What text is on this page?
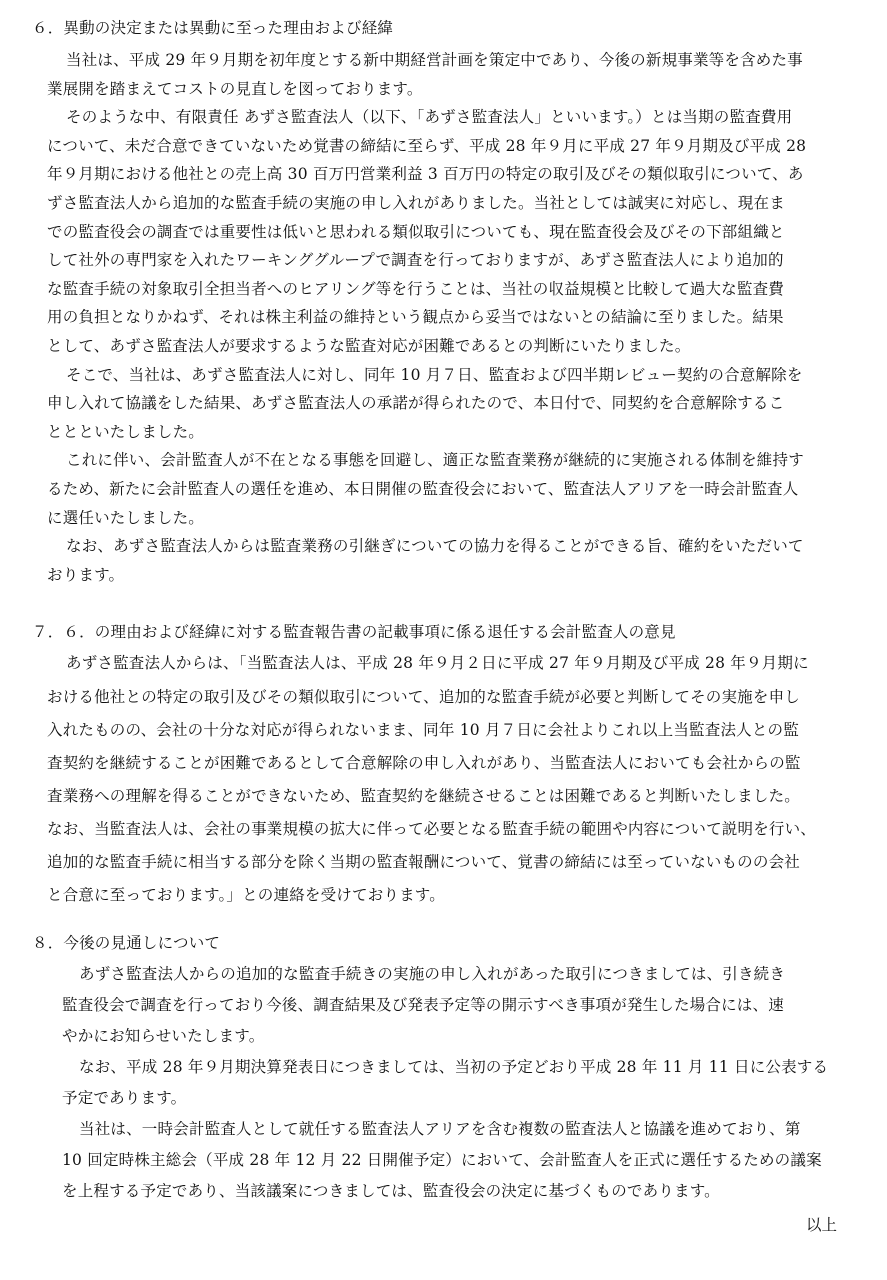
６．異動の決定または異動に至った理由および経緯
当社は、平成 29 年９月期を初年度とする新中期経営計画を策定中であり、今後の新規事業等を含めた事
業展開を踏まえてコストの見直しを図っております。
そのような中、有限責任 あずさ監査法人（以下、「あずさ監査法人」といいます。）とは当期の監査費用
について、未だ合意できていないため覚書の締結に至らず、平成 28 年９月に平成 27 年９月期及び平成 28
年９月期における他社との売上高 30 百万円営業利益 3 百万円の特定の取引及びその類似取引について、あ
ずさ監査法人から追加的な監査手続の実施の申し入れがありました。当社としては誠実に対応し、現在ま
での監査役会の調査では重要性は低いと思われる類似取引についても、現在監査役会及びその下部組織と
して社外の専門家を入れたワーキンググループで調査を行っておりますが、あずさ監査法人により追加的
な監査手続の対象取引全担当者へのヒアリング等を行うことは、当社の収益規模と比較して過大な監査費
用の負担となりかねず、それは株主利益の維持という観点から妥当ではないとの結論に至りました。結果
として、あずさ監査法人が要求するような監査対応が困難であるとの判断にいたりました。
そこで、当社は、あずさ監査法人に対し、同年 10 月７日、監査および四半期レビュー契約の合意解除を
申し入れて協議をした結果、あずさ監査法人の承諾が得られたので、本日付で、同契約を合意解除するこ
ととといたしました。
これに伴い、会計監査人が不在となる事態を回避し、適正な監査業務が継続的に実施される体制を維持す
るため、新たに会計監査人の選任を進め、本日開催の監査役会において、監査法人アリアを一時会計監査人
に選任いたしました。
なお、あずさ監査法人からは監査業務の引継ぎについての協力を得ることができる旨、確約をいただいて
おります。
７．６．の理由および経緯に対する監査報告書の記載事項に係る退任する会計監査人の意見
あずさ監査法人からは、「当監査法人は、平成 28 年９月２日に平成 27 年９月期及び平成 28 年９月期に
おける他社との特定の取引及びその類似取引について、追加的な監査手続が必要と判断してその実施を申し
入れたものの、会社の十分な対応が得られないまま、同年 10 月７日に会社よりこれ以上当監査法人との監
査契約を継続することが困難であるとして合意解除の申し入れがあり、当監査法人においても会社からの監
査業務への理解を得ることができないため、監査契約を継続させることは困難であると判断いたしました。
なお、当監査法人は、会社の事業規模の拡大に伴って必要となる監査手続の範囲や内容について説明を行い、
追加的な監査手続に相当する部分を除く当期の監査報酬について、覚書の締結には至っていないものの会社
と合意に至っております。」との連絡を受けております。
８．今後の見通しについて
あずさ監査法人からの追加的な監査手続きの実施の申し入れがあった取引につきましては、引き続き
監査役会で調査を行っており今後、調査結果及び発表予定等の開示すべき事項が発生した場合には、速
やかにお知らせいたします。
なお、平成 28 年９月期決算発表日につきましては、当初の予定どおり平成 28 年 11 月 11 日に公表する
予定であります。
当社は、一時会計監査人として就任する監査法人アリアを含む複数の監査法人と協議を進めており、第
10 回定時株主総会（平成 28 年 12 月 22 日開催予定）において、会計監査人を正式に選任するための議案
を上程する予定であり、当該議案につきましては、監査役会の決定に基づくものであります。
以上
